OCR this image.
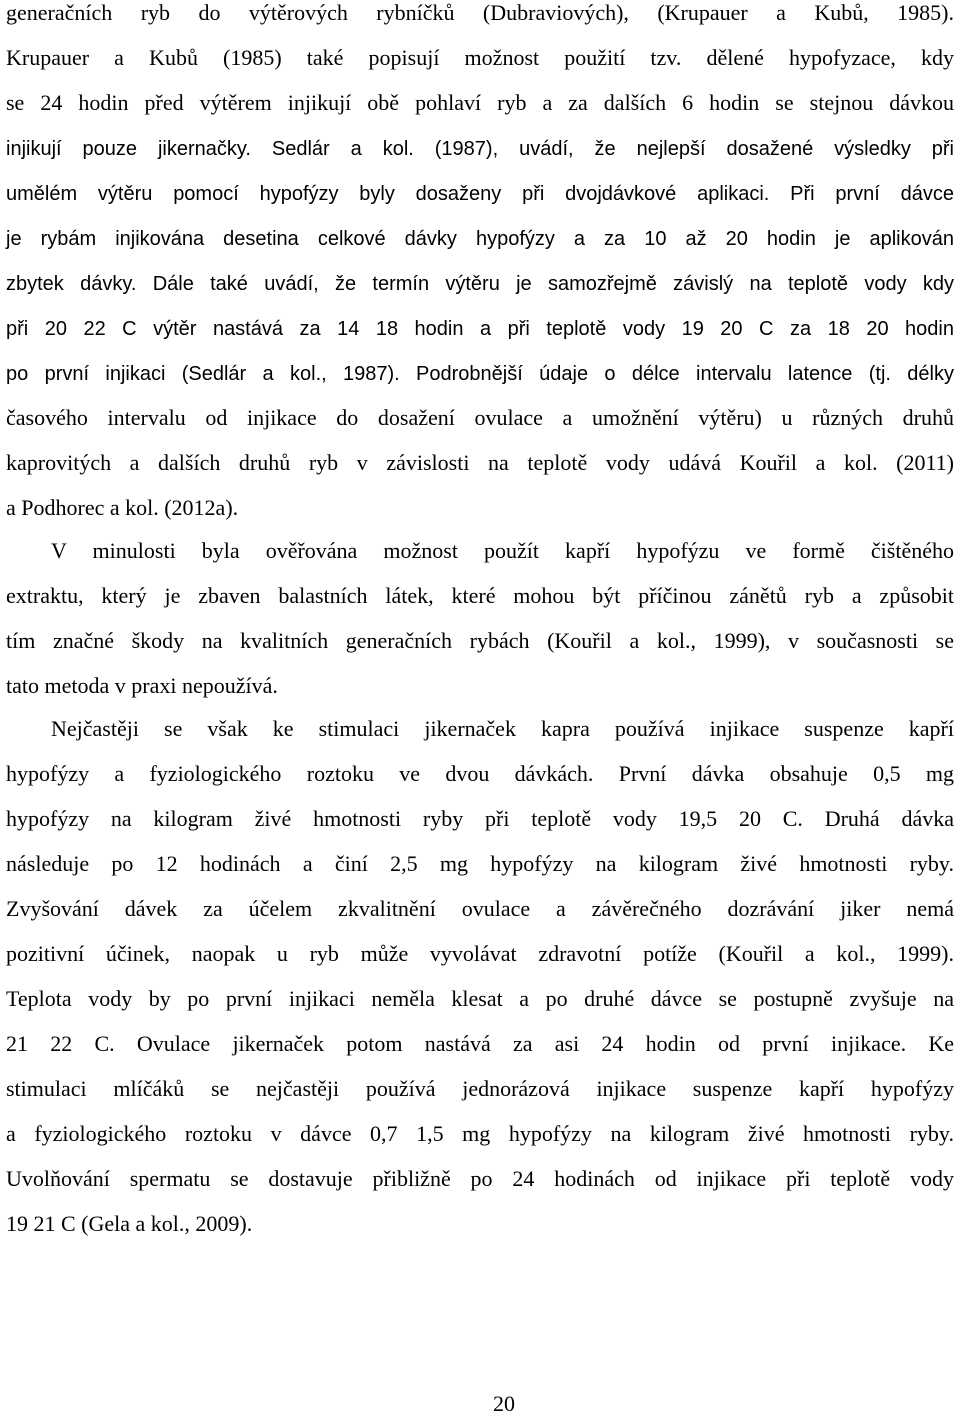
generačních ryb do výtěrových rybníčků (Dubraviových), (Krupauer a Kubů, 1985).
Krupauer a Kubů (1985) také popisují možnost použití tzv. dělené hypofyzace, kdy
se 24 hodin před výtěrem injikují obě pohlaví ryb a za dalších 6 hodin se stejnou dávkou
injikují pouze jikernačky. Sedlár a kol. (1987), uvádí, že nejlepší dosažené výsledky při
umělém výtěru pomocí hypofýzy byly dosaženy při dvojdávkové aplikaci. Při první dávce
je rybám injikována desetina celkové dávky hypofýzy a za 10 až 20 hodin je aplikován
zbytek dávky. Dále také uvádí, že termín výtěru je samozřejmě závislý na teplotě vody kdy
při 20 22 C výtěr nastává za 14 18 hodin a při teplotě vody 19 20 C za 18 20 hodin
po první injikaci (Sedlár a kol., 1987). Podrobnější údaje o délce intervalu latence (tj. délky
časového intervalu od injikace do dosažení ovulace a umožnění výtěru) u různých druhů
kaprovitých a dalších druhů ryb v závislosti na teplotě vody udává Kouřil a kol. (2011)
a Podhorec a kol. (2012a).
V minulosti byla ověřována možnost použít kapří hypofýzu ve formě čištěného
extraktu, který je zbaven balastních látek, které mohou být příčinou zánětů ryb a způsobit
tím značné škody na kvalitních generačních rybách (Kouřil a kol., 1999), v současnosti se
tato metoda v praxi nepoužívá.
Nejčastěji se však ke stimulaci jikernaček kapra používá injikace suspenze kapří
hypofýzy a fyziologického roztoku ve dvou dávkách. První dávka obsahuje 0,5 mg
hypofýzy na kilogram živé hmotnosti ryby při teplotě vody 19,5 20 C. Druhá dávka
následuje po 12 hodinách a činí 2,5 mg hypofýzy na kilogram živé hmotnosti ryby.
Zvyšování dávek za účelem zkvalitnění ovulace a závěrečného dozrávání jiker nemá
pozitivní účinek, naopak u ryb může vyvolávat zdravotní potíže (Kouřil a kol., 1999).
Teplota vody by po první injikaci neměla klesat a po druhé dávce se postupně zvyšuje na
21 22 C. Ovulace jikernaček potom nastává za asi 24 hodin od první injikace. Ke
stimulaci mlíčáků se nejčastěji používá jednorázová injikace suspenze kapří hypofýzy
a fyziologického roztoku v dávce 0,7 1,5 mg hypofýzy na kilogram živé hmotnosti ryby.
Uvolňování spermatu se dostavuje přibližně po 24 hodinách od injikace při teplotě vody
19 21 C (Gela a kol., 2009).
20
